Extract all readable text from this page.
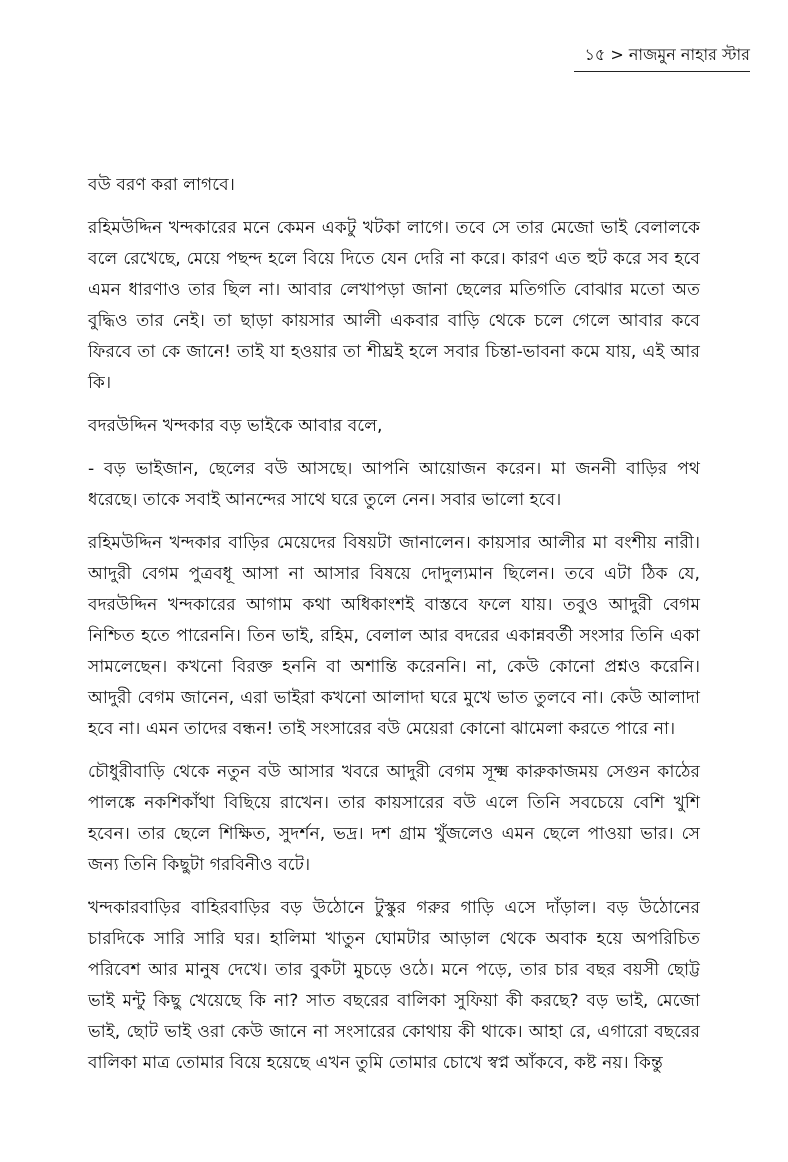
১৫ > নাজমুন নাহার স্টার

বউ বরণ করা লাগবে।

রহিমউদ্দিন খন্দকারের মনে কেমন একটু খটকা লাগে। তবে সে তার মেজো ভাই বেলালকে বলে রেখেছে, মেয়ে পছন্দ হলে বিয়ে দিতে যেন দেরি না করে। কারণ এত হুট করে সব হবে এমন ধারণাও তার ছিল না। আবার লেখাপড়া জানা ছেলের মতিগতি বোঝার মতো অত বুদ্ধিও তার নেই। তা ছাড়া কায়সার আলী একবার বাড়ি থেকে চলে গেলে আবার কবে ফিরবে তা কে জানে! তাই যা হওয়ার তা শীঘ্রই হলে সবার চিন্তা-ভাবনা কমে যায়, এই আর কি।

বদরউদ্দিন খন্দকার বড় ভাইকে আবার বলে,

- বড় ভাইজান, ছেলের বউ আসছে। আপনি আয়োজন করেন। মা জননী বাড়ির পথ ধরেছে। তাকে সবাই আনন্দের সাথে ঘরে তুলে নেন। সবার ভালো হবে।

রহিমউদ্দিন খন্দকার বাড়ির মেয়েদের বিষয়টা জানালেন। কায়সার আলীর মা বংশীয় নারী। আদুরী বেগম পুত্রবধূ আসা না আসার বিষয়ে দোদুল্যমান ছিলেন। তবে এটা ঠিক যে, বদরউদ্দিন খন্দকারের আগাম কথা অধিকাংশই বাস্তবে ফলে যায়। তবুও আদুরী বেগম নিশ্চিত হতে পারেননি। তিন ভাই, রহিম, বেলাল আর বদরের একান্নবর্তী সংসার তিনি একা সামলেছেন। কখনো বিরক্ত হননি বা অশান্তি করেননি। না, কেউ কোনো প্রশ্নও করেনি। আদুরী বেগম জানেন, এরা ভাইরা কখনো আলাদা ঘরে মুখে ভাত তুলবে না। কেউ আলাদা হবে না। এমন তাদের বন্ধন! তাই সংসারের বউ মেয়েরা কোনো ঝামেলা করতে পারে না।

চৌধুরীবাড়ি থেকে নতুন বউ আসার খবরে আদুরী বেগম সূক্ষ্ম কারুকাজময় সেগুন কাঠের পালঙ্কে নকশিকাঁথা বিছিয়ে রাখেন। তার কায়সারের বউ এলে তিনি সবচেয়ে বেশি খুশি হবেন। তার ছেলে শিক্ষিত, সুদর্শন, ভদ্র। দশ গ্রাম খুঁজলেও এমন ছেলে পাওয়া ভার। সে জন্য তিনি কিছুটা গরবিনীও বটে।

খন্দকারবাড়ির বাহিরবাড়ির বড় উঠোনে টুস্কুর গরুর গাড়ি এসে দাঁড়াল। বড় উঠোনের চারদিকে সারি সারি ঘর। হালিমা খাতুন ঘোমটার আড়াল থেকে অবাক হয়ে অপরিচিত পরিবেশ আর মানুষ দেখে। তার বুকটা মুচড়ে ওঠে। মনে পড়ে, তার চার বছর বয়সী ছোট্ট ভাই মন্টু কিছু খেয়েছে কি না? সাত বছরের বালিকা সুফিয়া কী করছে? বড় ভাই, মেজো ভাই, ছোট ভাই ওরা কেউ জানে না সংসারের কোথায় কী থাকে। আহা রে, এগারো বছরের বালিকা মাত্র তোমার বিয়ে হয়েছে এখন তুমি তোমার চোখে স্বপ্ন আঁকবে, কষ্ট নয়। কিন্তু
